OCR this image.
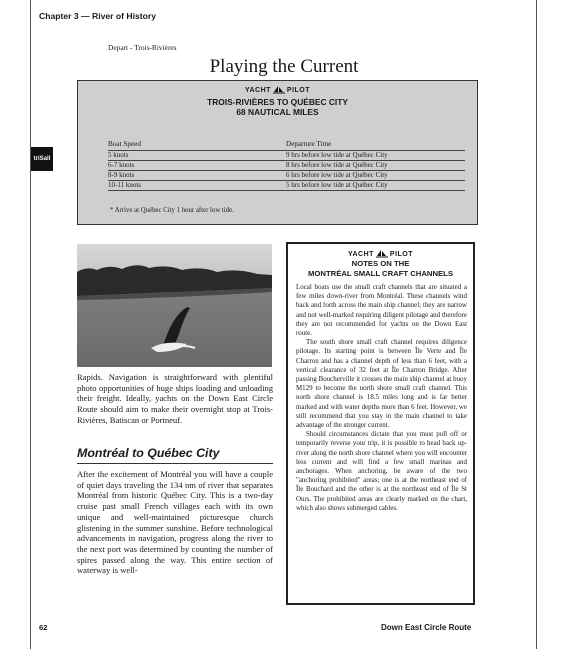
Chapter 3 — River of History
triSall
Playing the Current
YACHT PILOT
TROIS-RIVIÈRES TO QUÉBEC CITY
68 NAUTICAL MILES
Depart - Trois-Rivières
Boat Speed	Departure Time
5 knots	9 hrs before low tide at Québec City
6-7 knots	8 hrs before low tide at Québec City
8-9 knots	6 hrs before low tide at Québec City
10-11 knots	5 hrs before low tide at Québec City
* Arrive at Québec City 1 hour after low tide.
Rapids. Navigation is straightforward with plentiful photo opportunities of huge ships loading and unloading their freight. Ideally, yachts on the Down East Circle Route should aim to make their overnight stop at Trois-Rivières, Batiscan or Portneuf.
Montréal to Québec City
After the excitement of Montréal you will have a couple of quiet days traveling the 134 nm of river that separates Montréal from historic Québec City. This is a two-day cruise past small French villages each with its own unique and well-maintained picturesque church glistening in the summer sunshine. Before technological advancements in navigation, progress along the river to the next port was determined by counting the number of spires passed along the way. This entire section of waterway is well-
YACHT PILOT
NOTES ON THE
MONTRÉAL SMALL CRAFT CHANNELS

Local boats use the small craft channels that are situated a few miles down-river from Montréal. These channels wind back and forth across the main ship channel; they are narrow and not well-marked requiring diligent pilotage and therefore they are not recommended for yachts on the Down East route.

The south shore small craft channel requires diligence pilotage. Its starting point is between Île Verte and Île Charron and has a channel depth of less than 6 feet, with a vertical clearance of 32 feet at Île Charron Bridge. After passing Boucherville it crosses the main ship channel at buoy M129 to become the north shore small craft channel. This north shore channel is 18.5 miles long and is far better marked and with water depths more than 6 feet. However, we still recommend that you stay in the main channel to take advantage of the stronger current.

Should circumstances dictate that you must pull off or temporarily reverse your trip, it is possible to head back up-river along the north shore channel where you will encounter less current and will find a few small marinas and anchorages. When anchoring, be aware of the two "anchoring prohibited" areas; one is at the northeast end of Île Bouchard and the other is at the northeast end of Île St Ours. The prohibited areas are clearly marked on the chart, which also shows submerged cables.

62	Down East Circle Route
